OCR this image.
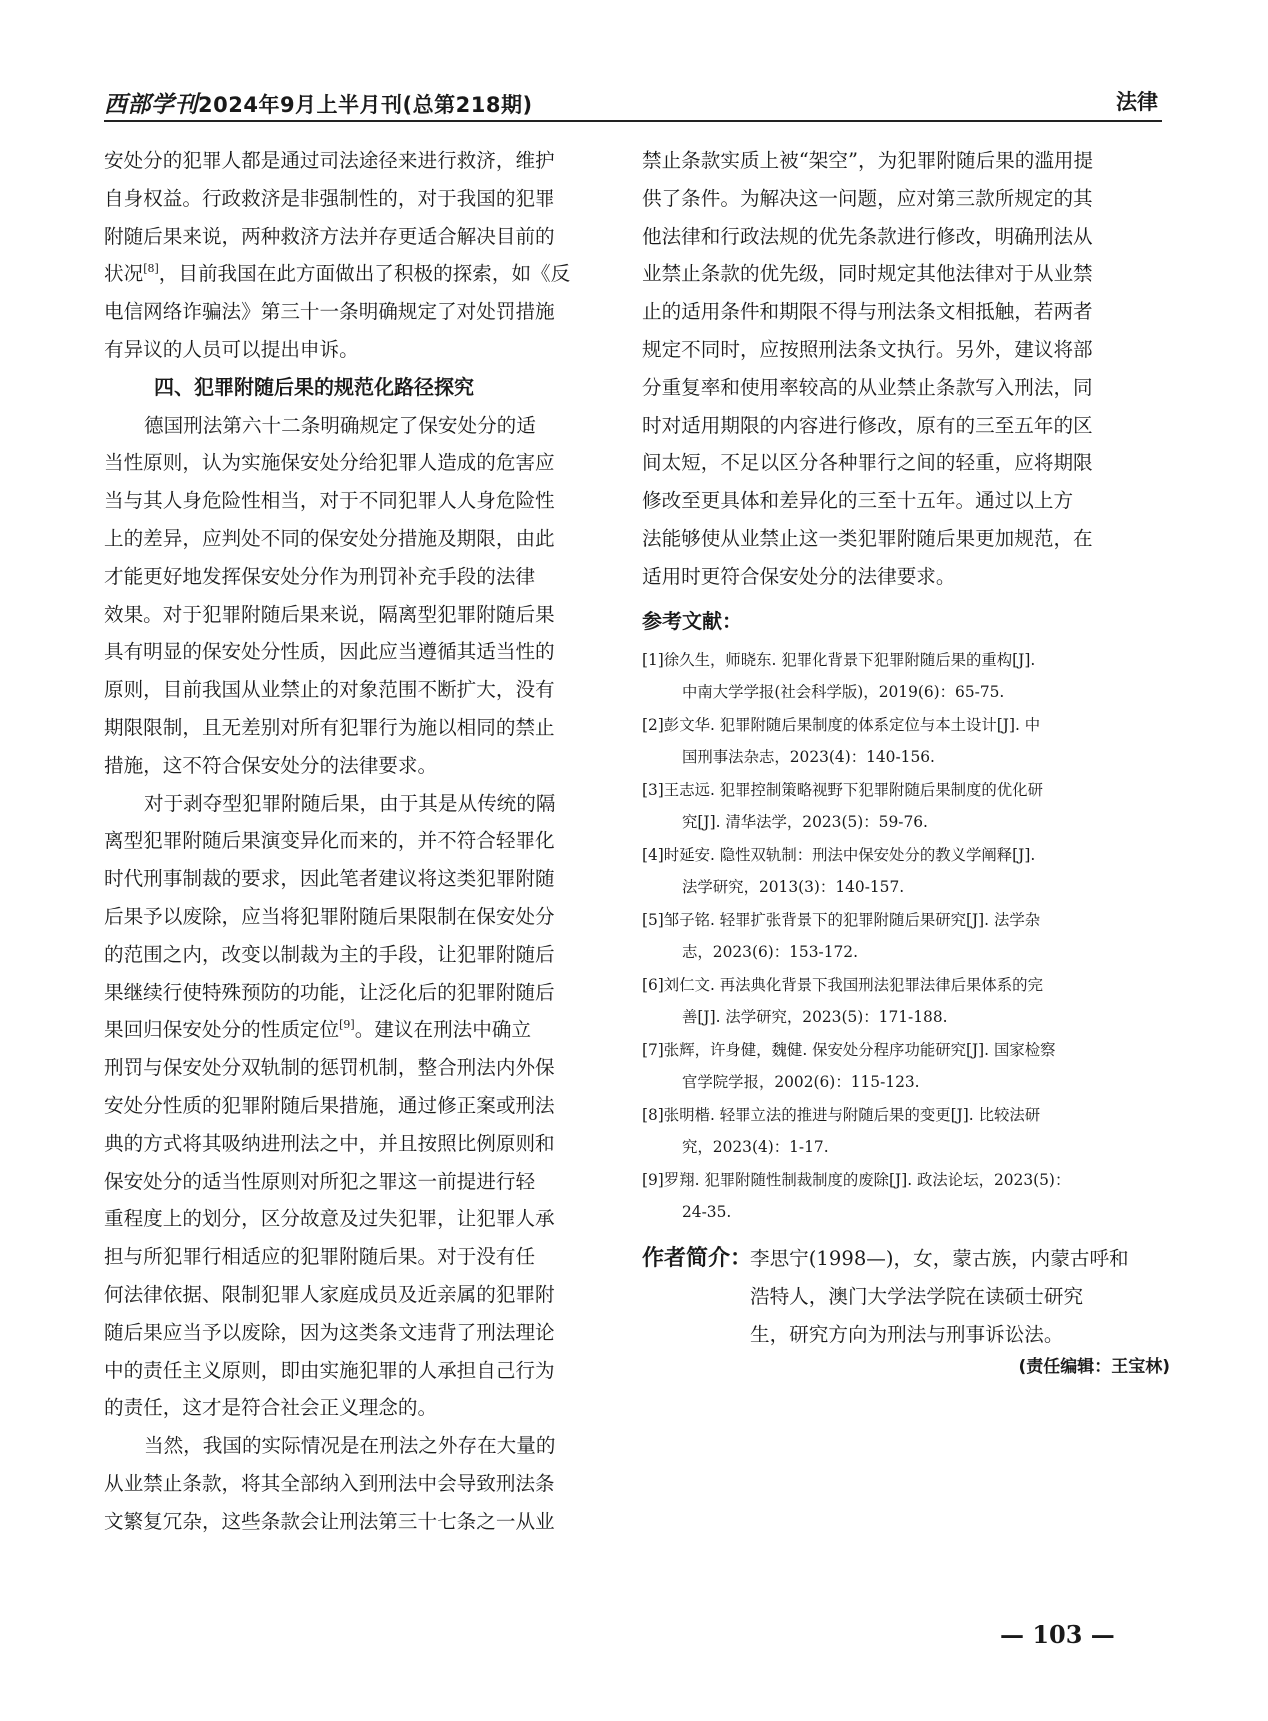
西部学刊2024年9月上半月刊(总第218期)	法律
安处分的犯罪人都是通过司法途径来进行救济，维护
自身权益。行政救济是非强制性的，对于我国的犯罪
附随后果来说，两种救济方法并存更适合解决目前的
状况[8]，目前我国在此方面做出了积极的探索，如《反
电信网络诈骗法》第三十一条明确规定了对处罚措施
有异议的人员可以提出申诉。
四、犯罪附随后果的规范化路径探究
德国刑法第六十二条明确规定了保安处分的适
当性原则，认为实施保安处分给犯罪人造成的危害应
当与其人身危险性相当，对于不同犯罪人人身危险性
上的差异，应判处不同的保安处分措施及期限，由此
才能更好地发挥保安处分作为刑罚补充手段的法律
效果。对于犯罪附随后果来说，隔离型犯罪附随后果
具有明显的保安处分性质，因此应当遵循其适当性的
原则，目前我国从业禁止的对象范围不断扩大，没有
期限限制，且无差别对所有犯罪行为施以相同的禁止
措施，这不符合保安处分的法律要求。
对于剥夺型犯罪附随后果，由于其是从传统的隔
离型犯罪附随后果演变异化而来的，并不符合轻罪化
时代刑事制裁的要求，因此笔者建议将这类犯罪附随
后果予以废除，应当将犯罪附随后果限制在保安处分
的范围之内，改变以制裁为主的手段，让犯罪附随后
果继续行使特殊预防的功能，让泛化后的犯罪附随后
果回归保安处分的性质定位[9]。建议在刑法中确立
刑罚与保安处分双轨制的惩罚机制，整合刑法内外保
安处分性质的犯罪附随后果措施，通过修正案或刑法
典的方式将其吸纳进刑法之中，并且按照比例原则和
保安处分的适当性原则对所犯之罪这一前提进行轻
重程度上的划分，区分故意及过失犯罪，让犯罪人承
担与所犯罪行相适应的犯罪附随后果。对于没有任
何法律依据、限制犯罪人家庭成员及近亲属的犯罪附
随后果应当予以废除，因为这类条文违背了刑法理论
中的责任主义原则，即由实施犯罪的人承担自己行为
的责任，这才是符合社会正义理念的。
当然，我国的实际情况是在刑法之外存在大量的
从业禁止条款，将其全部纳入到刑法中会导致刑法条
文繁复冗杂，这些条款会让刑法第三十七条之一从业
禁止条款实质上被“架空”，为犯罪附随后果的滥用提
供了条件。为解决这一问题，应对第三款所规定的其
他法律和行政法规的优先条款进行修改，明确刑法从
业禁止条款的优先级，同时规定其他法律对于从业禁
止的适用条件和期限不得与刑法条文相抵触，若两者
规定不同时，应按照刑法条文执行。另外，建议将部
分重复率和使用率较高的从业禁止条款写入刑法，同
时对适用期限的内容进行修改，原有的三至五年的区
间太短，不足以区分各种罪行之间的轻重，应将期限
修改至更具体和差异化的三至十五年。通过以上方
法能够使从业禁止这一类犯罪附随后果更加规范，在
适用时更符合保安处分的法律要求。
参考文献：
[1]徐久生，师晓东. 犯罪化背景下犯罪附随后果的重构[J].
中南大学学报(社会科学版)，2019(6)：65-75.
[2]彭文华. 犯罪附随后果制度的体系定位与本土设计[J]. 中
国刑事法杂志，2023(4)：140-156.
[3]王志远. 犯罪控制策略视野下犯罪附随后果制度的优化研
究[J]. 清华法学，2023(5)：59-76.
[4]时延安. 隐性双轨制：刑法中保安处分的教义学阐释[J].
法学研究，2013(3)：140-157.
[5]邹子铭. 轻罪扩张背景下的犯罪附随后果研究[J]. 法学杂
志，2023(6)：153-172.
[6]刘仁文. 再法典化背景下我国刑法犯罪法律后果体系的完
善[J]. 法学研究，2023(5)：171-188.
[7]张辉，许身健，魏健. 保安处分程序功能研究[J]. 国家检察
官学院学报，2002(6)：115-123.
[8]张明楷. 轻罪立法的推进与附随后果的变更[J]. 比较法研
究，2023(4)：1-17.
[9]罗翔. 犯罪附随性制裁制度的废除[J]. 政法论坛，2023(5)：
24-35.
作者简介：
李思宁(1998—)，女，蒙古族，内蒙古呼和
浩特人，澳门大学法学院在读硕士研究
生，研究方向为刑法与刑事诉讼法。
(责任编辑：王宝林)
— 103 —
